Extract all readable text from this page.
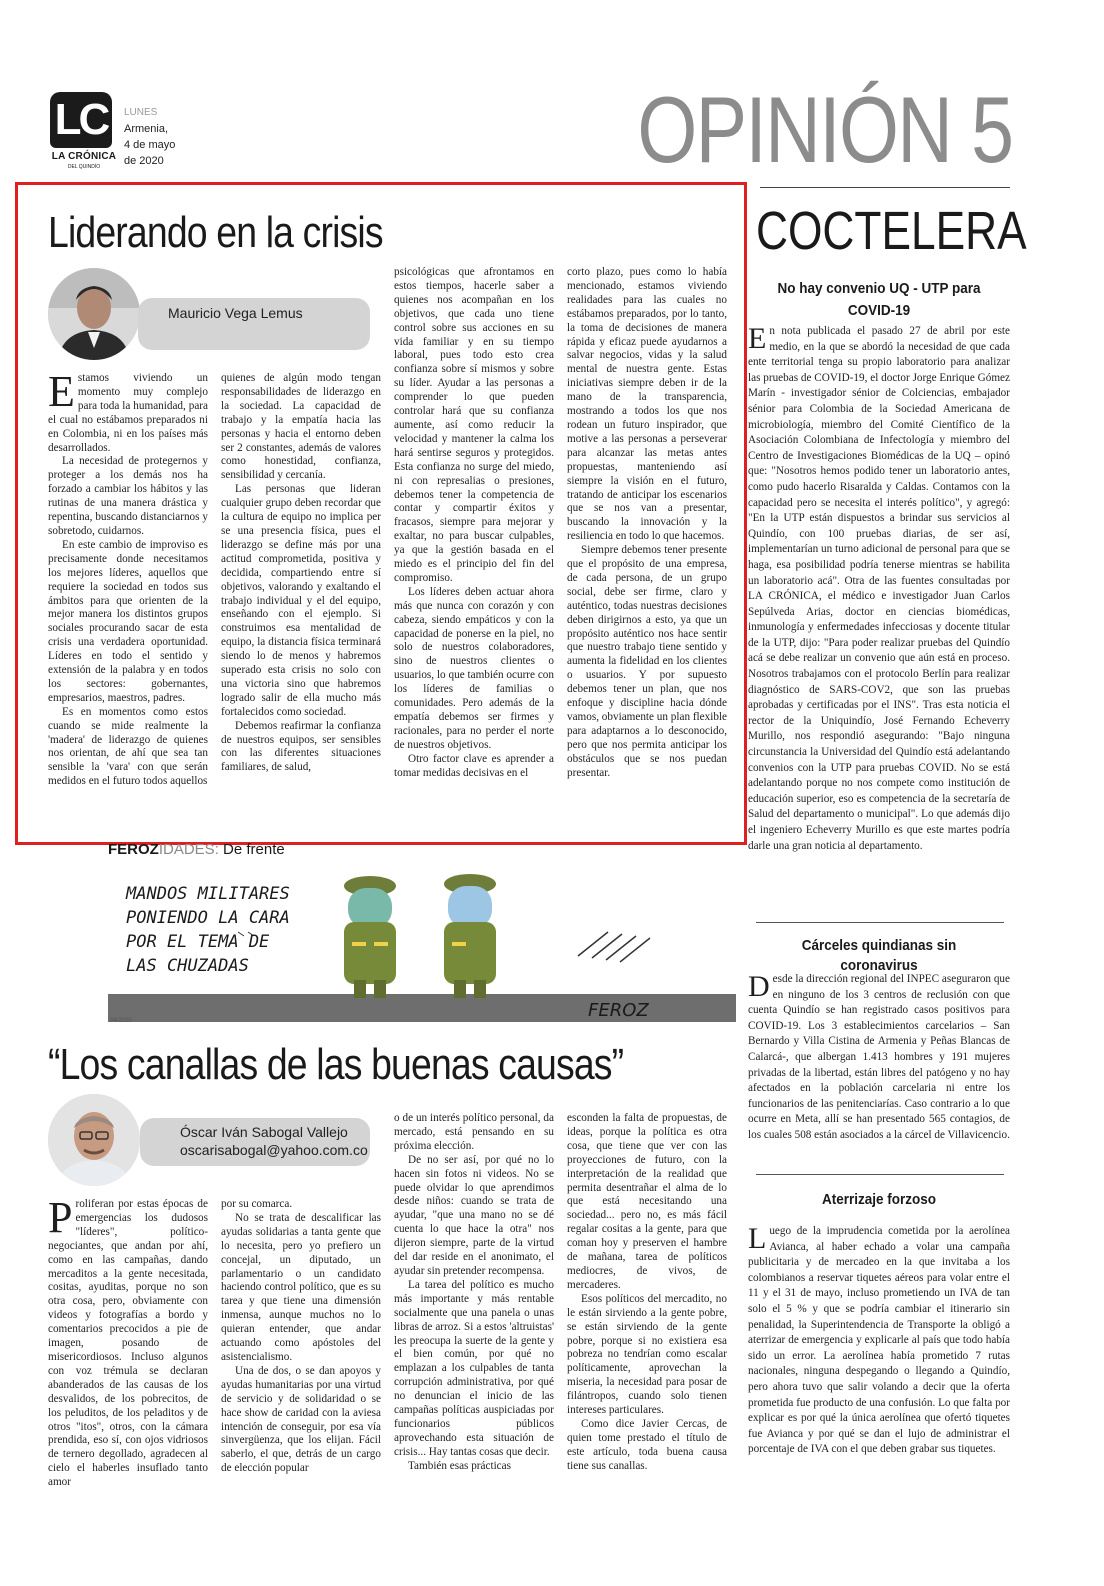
LC
LA CRÓNICA
DEL QUINDÍO
LUNES
Armenia,
4 de mayo
de 2020	OPINIÓN 5
Liderando en la crisis
Mauricio Vega Lemus

Estamos viviendo un momento muy complejo para toda la humanidad, para el cual no estábamos preparados ni en Colombia, ni en los países más desarrollados.

La necesidad de protegernos y proteger a los demás nos ha forzado a cambiar los hábitos y las rutinas de una manera drástica y repentina, buscando distanciarnos y sobretodo, cuidarnos.

En este cambio de improviso es precisamente donde necesitamos los mejores líderes, aquellos que requiere la sociedad en todos sus ámbitos para que orienten de la mejor manera los distintos grupos sociales procurando sacar de esta crisis una verdadera oportunidad. Líderes en todo el sentido y extensión de la palabra y en todos los sectores: gobernantes, empresarios, maestros, padres.

Es en momentos como estos cuando se mide realmente la 'madera' de liderazgo de quienes nos orientan, de ahí que sea tan sensible la 'vara' con que serán medidos en el futuro todos aquellos

quienes de algún modo tengan responsabilidades de liderazgo en la sociedad. La capacidad de trabajo y la empatía hacia las personas y hacia el entorno deben ser 2 constantes, además de valores como honestidad, confianza, sensibilidad y cercanía.

Las personas que lideran cualquier grupo deben recordar que la cultura de equipo no implica per se una presencia física, pues el liderazgo se define más por una actitud comprometida, positiva y decidida, compartiendo entre sí objetivos, valorando y exaltando el trabajo individual y el del equipo, enseñando con el ejemplo. Si construimos esa mentalidad de equipo, la distancia física terminará siendo lo de menos y habremos superado esta crisis no solo con una victoria sino que habremos logrado salir de ella mucho más fortalecidos como sociedad.

Debemos reafirmar la confianza de nuestros equipos, ser sensibles con las diferentes situaciones familiares, de salud,

psicológicas que afrontamos en estos tiempos, hacerle saber a quienes nos acompañan en los objetivos, que cada uno tiene control sobre sus acciones en su vida familiar y en su tiempo laboral, pues todo esto crea confianza sobre sí mismos y sobre su líder. Ayudar a las personas a comprender lo que pueden controlar hará que su confianza aumente, así como reducir la velocidad y mantener la calma los hará sentirse seguros y protegidos. Esta confianza no surge del miedo, ni con represalias o presiones, debemos tener la competencia de contar y compartir éxitos y fracasos, siempre para mejorar y exaltar, no para buscar culpables, ya que la gestión basada en el miedo es el principio del fin del compromiso.

Los líderes deben actuar ahora más que nunca con corazón y con cabeza, siendo empáticos y con la capacidad de ponerse en la piel, no solo de nuestros colaboradores, sino de nuestros clientes o usuarios, lo que también ocurre con los líderes de familias o comunidades. Pero además de la empatía debemos ser firmes y racionales, para no perder el norte de nuestros objetivos.

Otro factor clave es aprender a tomar medidas decisivas en el

corto plazo, pues como lo había mencionado, estamos viviendo realidades para las cuales no estábamos preparados, por lo tanto, la toma de decisiones de manera rápida y eficaz puede ayudarnos a salvar negocios, vidas y la salud mental de nuestra gente. Estas iniciativas siempre deben ir de la mano de la transparencia, mostrando a todos los que nos rodean un futuro inspirador, que motive a las personas a perseverar para alcanzar las metas antes propuestas, manteniendo así siempre la visión en el futuro, tratando de anticipar los escenarios que se nos van a presentar, buscando la innovación y la resiliencia en todo lo que hacemos.

Siempre debemos tener presente que el propósito de una empresa, de cada persona, de un grupo social, debe ser firme, claro y auténtico, todas nuestras decisiones deben dirigirnos a esto, ya que un propósito auténtico nos hace sentir que nuestro trabajo tiene sentido y aumenta la fidelidad en los clientes o usuarios. Y por supuesto debemos tener un plan, que nos enfoque y discipline hacia dónde vamos, obviamente un plan flexible para adaptarnos a lo desconocido, pero que nos permita anticipar los obstáculos que se nos puedan presentar.

COCTELERA
No hay convenio UQ - UTP para COVID-19

En nota publicada el pasado 27 de abril por este medio, en la que se abordó la necesidad de que cada ente territorial tenga su propio laboratorio para analizar las pruebas de COVID-19, el doctor Jorge Enrique Gómez Marín - investigador sénior de Colciencias, embajador sénior para Colombia de la Sociedad Americana de microbiología, miembro del Comité Científico de la Asociación Colombiana de Infectología y miembro del Centro de Investigaciones Biomédicas de la UQ – opinó que: "Nosotros hemos podido tener un laboratorio antes, como pudo hacerlo Risaralda y Caldas. Contamos con la capacidad pero se necesita el interés político", y agregó: "En la UTP están dispuestos a brindar sus servicios al Quindío, con 100 pruebas diarias, de ser así, implementarían un turno adicional de personal para que se haga, esa posibilidad podría tenerse mientras se habilita un laboratorio acá". Otra de las fuentes consultadas por LA CRÓNICA, el médico e investigador Juan Carlos Sepúlveda Arias, doctor en ciencias biomédicas, inmunología y enfermedades infecciosas y docente titular de la UTP, dijo: "Para poder realizar pruebas del Quindío acá se debe realizar un convenio que aún está en proceso. Nosotros trabajamos con el protocolo Berlín para realizar diagnóstico de SARS-COV2, que son las pruebas aprobadas y certificadas por el INS". Tras esta noticia el rector de la Uniquindío, José Fernando Echeverry Murillo, nos respondió asegurando: "Bajo ninguna circunstancia la Universidad del Quindío está adelantando convenios con la UTP para pruebas COVID. No se está adelantando porque no nos compete como institución de educación superior, eso es competencia de la secretaría de Salud del departamento o municipal". Lo que además dijo el ingeniero Echeverry Murillo es que este martes podría darle una gran noticia al departamento.

Cárceles quindianas sin coronavirus

Desde la dirección regional del INPEC aseguraron que en ninguno de los 3 centros de reclusión con que cuenta Quindío se han registrado casos positivos para COVID-19. Los 3 establecimientos carcelarios – San Bernardo y Villa Cistina de Armenia y Peñas Blancas de Calarcá-, que albergan 1.413 hombres y 191 mujeres privadas de la libertad, están libres del patógeno y no hay afectados en la población carcelaria ni entre los funcionarios de las penitenciarías. Caso contrario a lo que ocurre en Meta, allí se han presentado 565 contagios, de los cuales 508 están asociados a la cárcel de Villavicencio.

Aterrizaje forzoso

Luego de la imprudencia cometida por la aerolínea Avianca, al haber echado a volar una campaña publicitaria y de mercadeo en la que invitaba a los colombianos a reservar tiquetes aéreos para volar entre el 11 y el 31 de mayo, incluso prometiendo un IVA de tan solo el 5 % y que se podría cambiar el itinerario sin penalidad, la Superintendencia de Transporte la obligó a aterrizar de emergencia y explicarle al país que todo había sido un error. La aerolínea había prometido 7 rutas nacionales, ninguna despegando o llegando a Quindío, pero ahora tuvo que salir volando a decir que la oferta prometida fue producto de una confusión. Lo que falta por explicar es por qué la única aerolínea que ofertó tiquetes fue Avianca y por qué se dan el lujo de administrar el porcentaje de IVA con el que deben grabar sus tiquetes.

FEROZIDADES: De frente
MANDOS MILITARES
PONIENDO LA CARA
POR EL TEMA DE
LAS CHUZADAS
04/2020	FEROZ
“Los canallas de las buenas causas”
Óscar Iván Sabogal Vallejo
oscarisabogal@yahoo.com.co

Proliferan por estas épocas de emergencias los dudosos "líderes", político-negociantes, que andan por ahí, como en las campañas, dando mercaditos a la gente necesitada, cositas, ayuditas, porque no son otra cosa, pero, obviamente con videos y fotografías a bordo y comentarios precocidos a pie de imagen, posando de misericordiosos. Incluso algunos con voz trémula se declaran abanderados de las causas de los desvalidos, de los pobrecitos, de los peluditos, de los peladitos y de otros "itos", otros, con la cámara prendida, eso sí, con ojos vidriosos de ternero degollado, agradecen al cielo el haberles insuflado tanto amor

por su comarca.

No se trata de descalificar las ayudas solidarias a tanta gente que lo necesita, pero yo prefiero un concejal, un diputado, un parlamentario o un candidato haciendo control político, que es su tarea y que tiene una dimensión inmensa, aunque muchos no lo quieran entender, que andar actuando como apóstoles del asistencialismo.

Una de dos, o se dan apoyos y ayudas humanitarias por una virtud de servicio y de solidaridad o se hace show de caridad con la aviesa intención de conseguir, por esa vía sinvergüenza, que los elijan. Fácil saberlo, el que, detrás de un cargo de elección popular

o de un interés político personal, da mercado, está pensando en su próxima elección.

De no ser así, por qué no lo hacen sin fotos ni videos. No se puede olvidar lo que aprendimos desde niños: cuando se trata de ayudar, "que una mano no se dé cuenta lo que hace la otra" nos dijeron siempre, parte de la virtud del dar reside en el anonimato, el ayudar sin pretender recompensa.

La tarea del político es mucho más importante y más rentable socialmente que una panela o unas libras de arroz. Si a estos 'altruistas' les preocupa la suerte de la gente y el bien común, por qué no emplazan a los culpables de tanta corrupción administrativa, por qué no denuncian el inicio de las campañas políticas auspiciadas por funcionarios públicos aprovechando esta situación de crisis... Hay tantas cosas que decir.

También esas prácticas

esconden la falta de propuestas, de ideas, porque la política es otra cosa, que tiene que ver con las proyecciones de futuro, con la interpretación de la realidad que permita desentrañar el alma de lo que está necesitando una sociedad... pero no, es más fácil regalar cositas a la gente, para que coman hoy y preserven el hambre de mañana, tarea de políticos mediocres, de vivos, de mercaderes.

Esos políticos del mercadito, no le están sirviendo a la gente pobre, se están sirviendo de la gente pobre, porque si no existiera esa pobreza no tendrían como escalar políticamente, aprovechan la miseria, la necesidad para posar de filántropos, cuando solo tienen intereses particulares.

Como dice Javier Cercas, de quien tome prestado el título de este artículo, toda buena causa tiene sus canallas.
